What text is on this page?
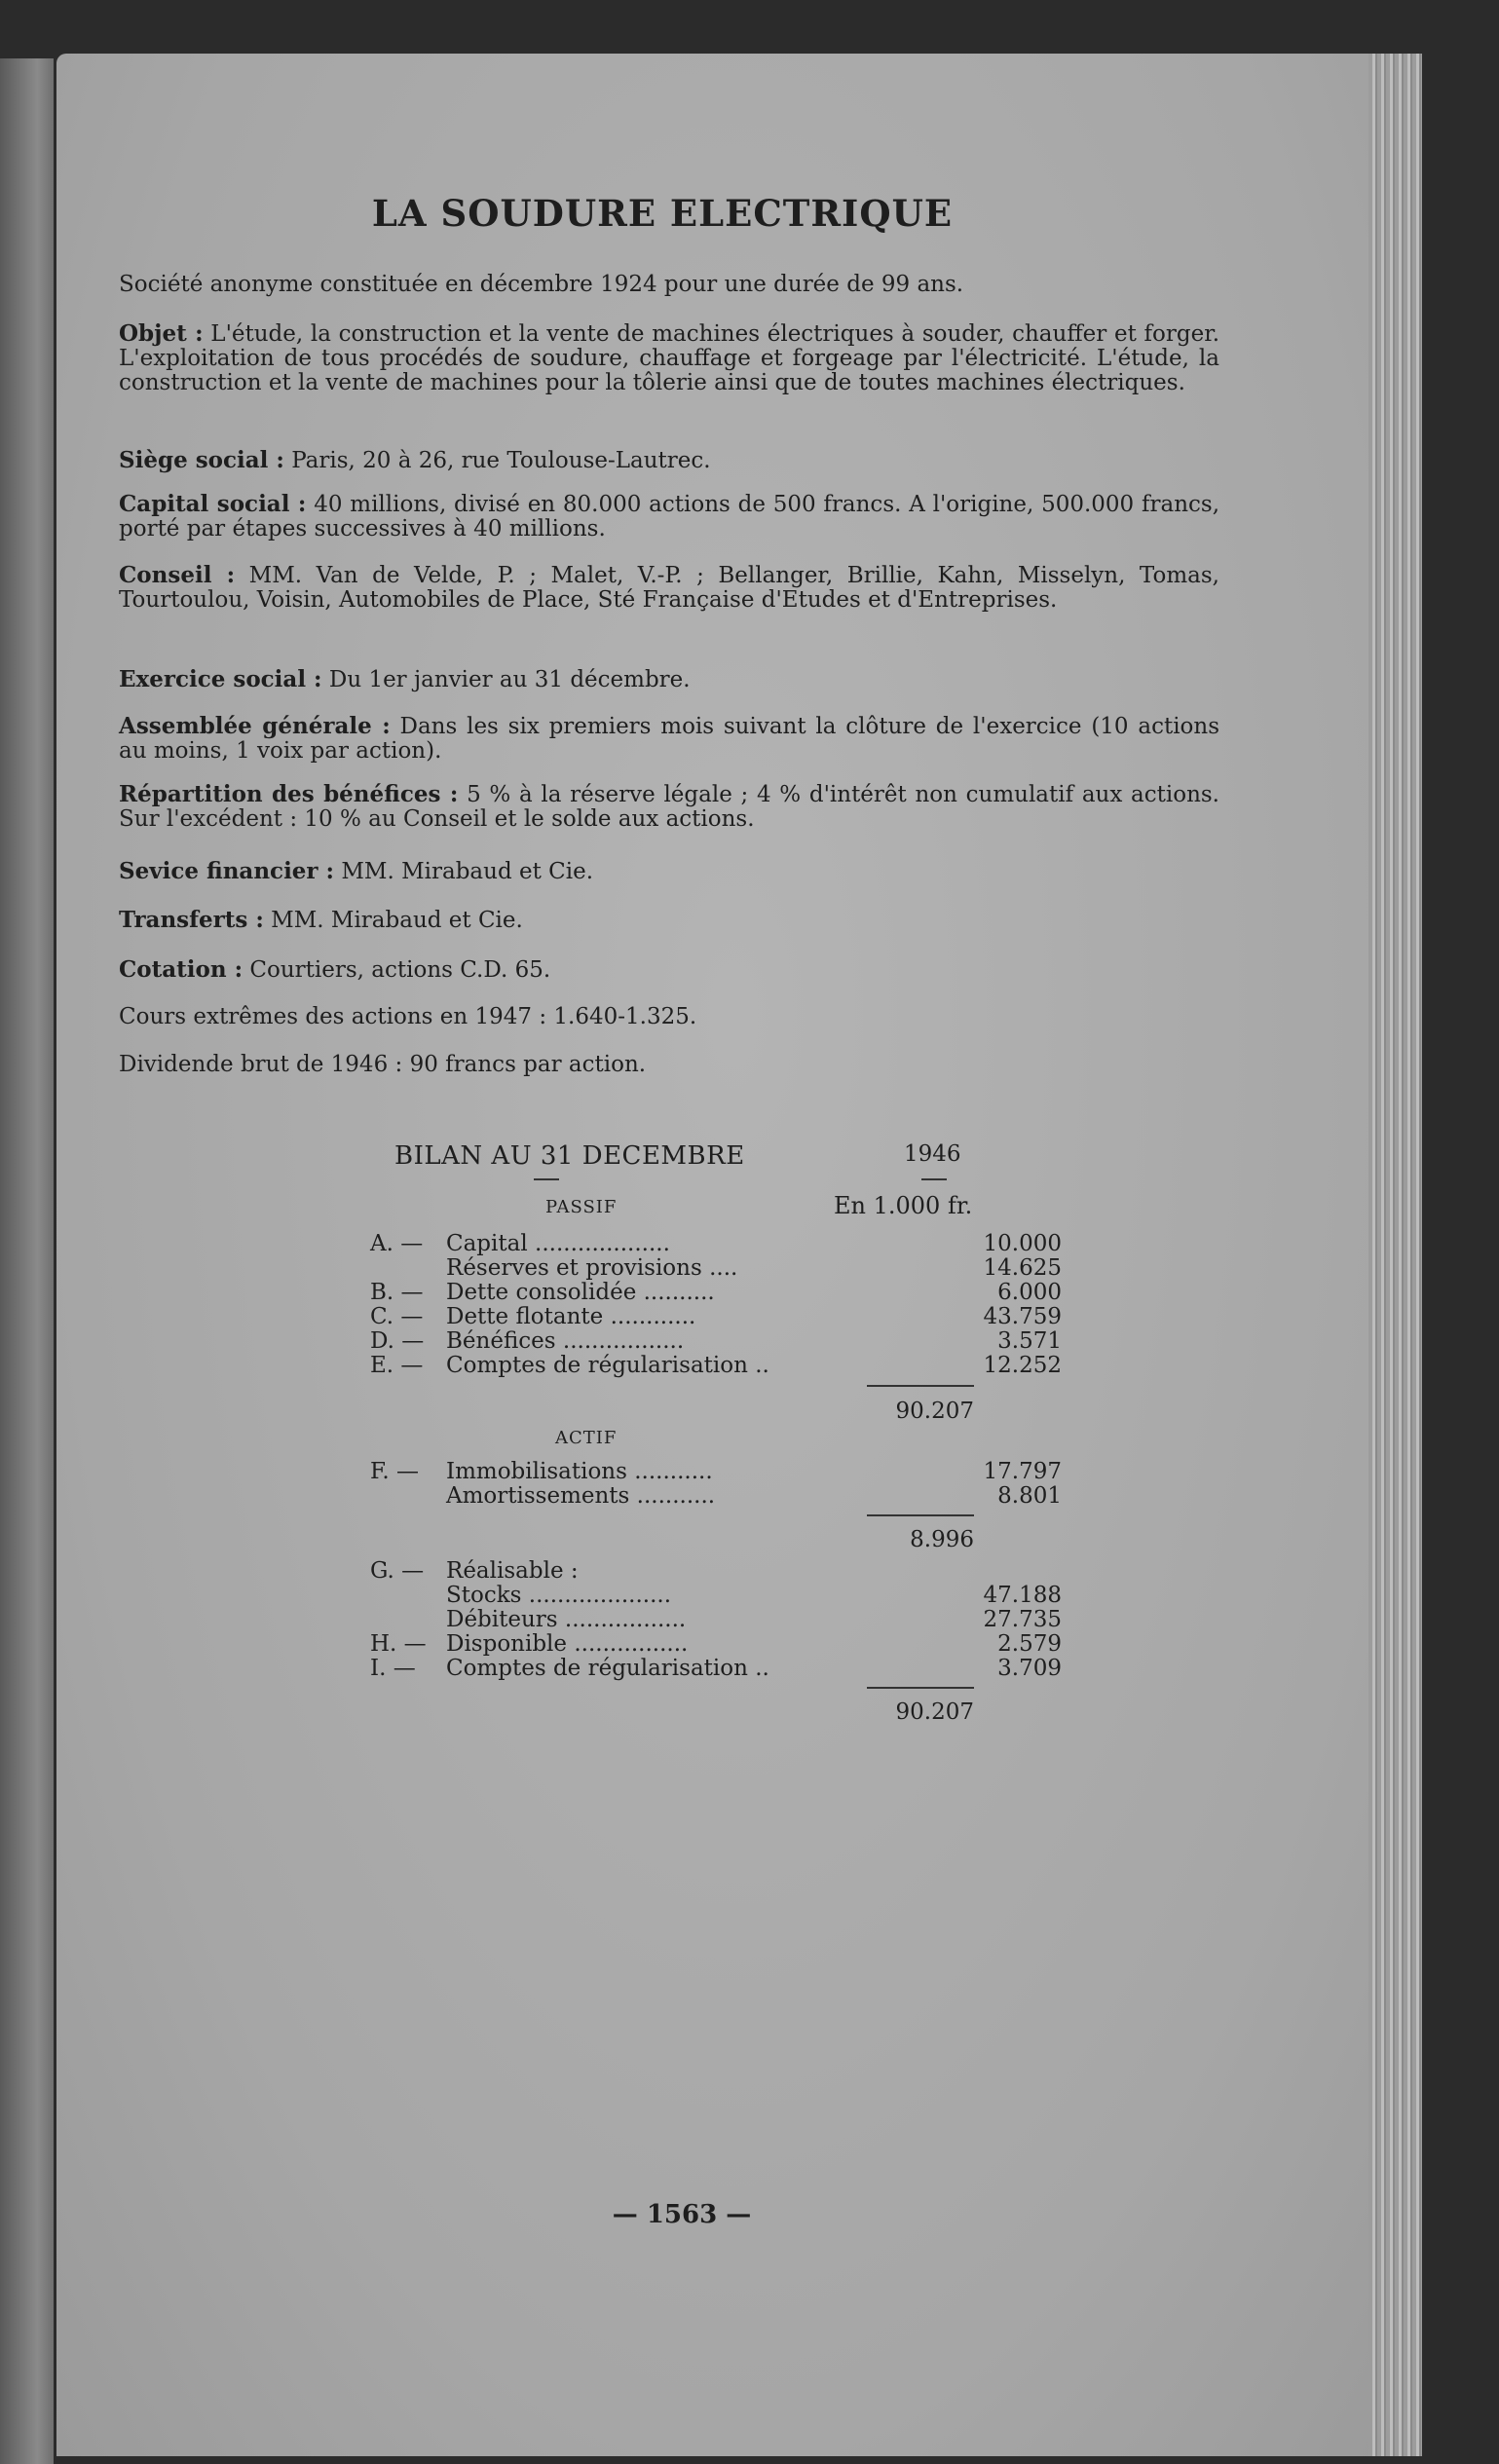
LA SOUDURE ELECTRIQUE
Société anonyme constituée en décembre 1924 pour une durée de 99 ans.
Objet : L'étude, la construction et la vente de machines électriques à souder, chauffer et forger. L'exploitation de tous procédés de soudure, chauffage et forgeage par l'électricité. L'étude, la construction et la vente de machines pour la tôlerie ainsi que de toutes machines électriques.
Siège social : Paris, 20 à 26, rue Toulouse-Lautrec.
Capital social : 40 millions, divisé en 80.000 actions de 500 francs. A l'origine, 500.000 francs, porté par étapes successives à 40 millions.
Conseil : MM. Van de Velde, P. ; Malet, V.-P. ; Bellanger, Brillie, Kahn, Misselyn, Tomas, Tourtoulou, Voisin, Automobiles de Place, Sté Française d'Etudes et d'Entreprises.
Exercice social : Du 1er janvier au 31 décembre.
Assemblée générale : Dans les six premiers mois suivant la clôture de l'exercice (10 actions au moins, 1 voix par action).
Répartition des bénéfices : 5 % à la réserve légale ; 4 % d'intérêt non cumulatif aux actions. Sur l'excédent : 10 % au Conseil et le solde aux actions.
Sevice financier : MM. Mirabaud et Cie.
Transferts : MM. Mirabaud et Cie.
Cotation : Courtiers, actions C.D. 65.
Cours extrêmes des actions en 1947 : 1.640-1.325.
Dividende brut de 1946 : 90 francs par action.
BILAN AU 31 DECEMBRE	1946
PASSIF	En 1.000 fr.
A. — Capital ...................	10.000
Réserves et provisions ....	14.625
B. — Dette consolidée ..........	6.000
C. — Dette flotante ............	43.759
D. — Bénéfices .................	3.571
E. — Comptes de régularisation ..	12.252
90.207
ACTIF
F. —	Immobilisations ...........	17.797
Amortissements ...........	8.801
8.996
G. — Réalisable :
Stocks ....................	47.188
Débiteurs .................	27.735
H. — Disponible ................	2.579
I. —	Comptes de régularisation ..	3.709
90.207
— 1563 —
